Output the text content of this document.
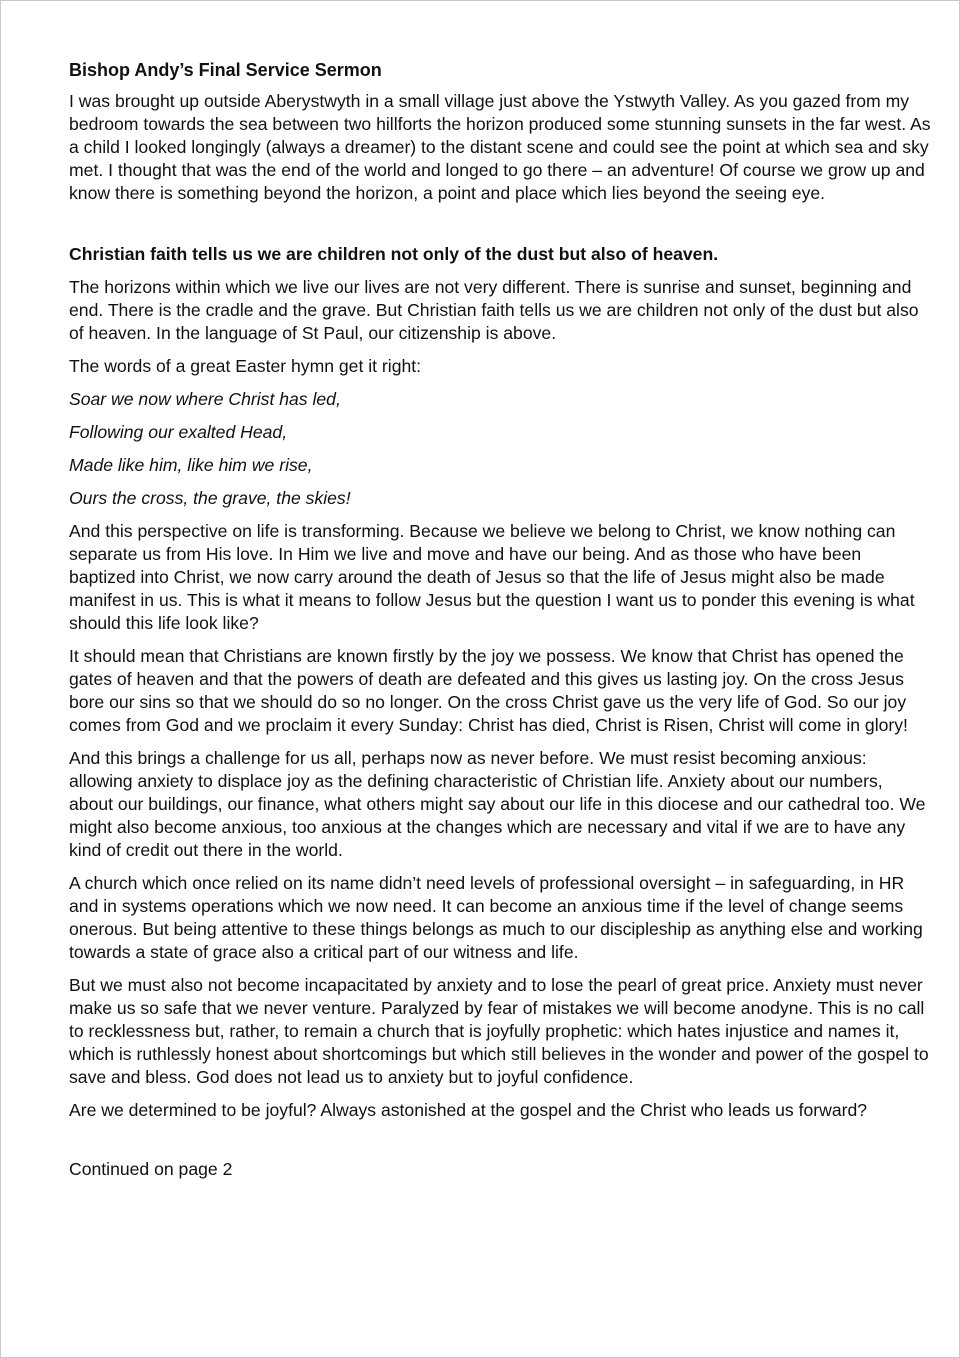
Bishop Andy’s Final Service Sermon

I was brought up outside Aberystwyth in a small village just above the Ystwyth Valley. As you gazed from my bedroom towards the sea between two hillforts the horizon produced some stunning sunsets in the far west. As a child I looked longingly (always a dreamer) to the distant scene and could see the point at which sea and sky met. I thought that was the end of the world and longed to go there – an adventure! Of course we grow up and know there is something beyond the horizon, a point and place which lies beyond the seeing eye.

Christian faith tells us we are children not only of the dust but also of heaven.

The horizons within which we live our lives are not very different. There is sunrise and sunset, beginning and end. There is the cradle and the grave. But Christian faith tells us we are children not only of the dust but also of heaven. In the language of St Paul, our citizenship is above.

The words of a great Easter hymn get it right:

Soar we now where Christ has led,

Following our exalted Head,

Made like him, like him we rise,

Ours the cross, the grave, the skies!

And this perspective on life is transforming. Because we believe we belong to Christ, we know nothing can separate us from His love. In Him we live and move and have our being. And as those who have been baptized into Christ, we now carry around the death of Jesus so that the life of Jesus might also be made manifest in us. This is what it means to follow Jesus but the question I want us to ponder this evening is what should this life look like?

It should mean that Christians are known firstly by the joy we possess. We know that Christ has opened the gates of heaven and that the powers of death are defeated and this gives us lasting joy. On the cross Jesus bore our sins so that we should do so no longer. On the cross Christ gave us the very life of God. So our joy comes from God and we proclaim it every Sunday: Christ has died, Christ is Risen, Christ will come in glory!

And this brings a challenge for us all, perhaps now as never before. We must resist becoming anxious: allowing anxiety to displace joy as the defining characteristic of Christian life. Anxiety about our numbers, about our buildings, our finance, what others might say about our life in this diocese and our cathedral too. We might also become anxious, too anxious at the changes which are necessary and vital if we are to have any kind of credit out there in the world.

A church which once relied on its name didn’t need levels of professional oversight – in safeguarding, in HR and in systems operations which we now need. It can become an anxious time if the level of change seems onerous. But being attentive to these things belongs as much to our discipleship as anything else and working towards a state of grace also a critical part of our witness and life.

But we must also not become incapacitated by anxiety and to lose the pearl of great price. Anxiety must never make us so safe that we never venture. Paralyzed by fear of mistakes we will become anodyne. This is no call to recklessness but, rather, to remain a church that is joyfully prophetic: which hates injustice and names it, which is ruthlessly honest about shortcomings but which still believes in the wonder and power of the gospel to save and bless. God does not lead us to anxiety but to joyful confidence.

Are we determined to be joyful? Always astonished at the gospel and the Christ who leads us forward?

Continued on page 2
